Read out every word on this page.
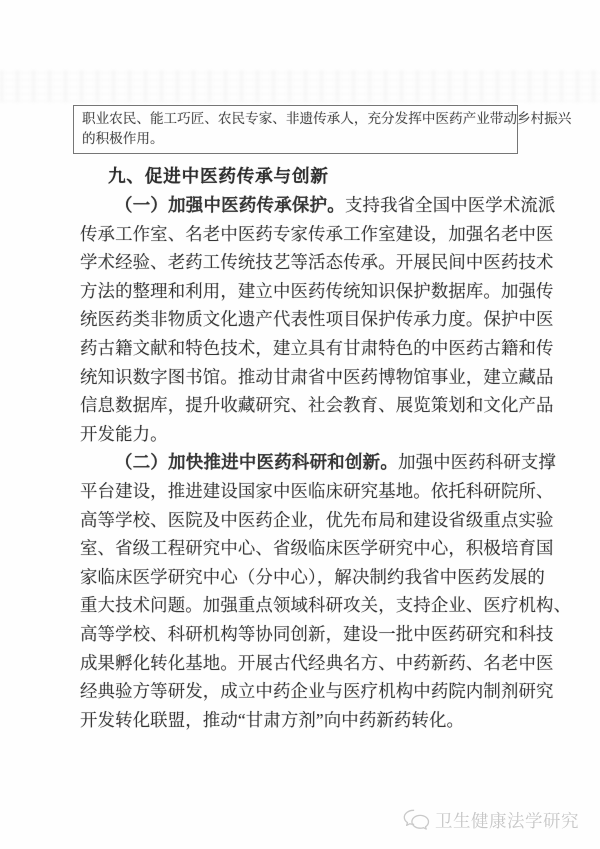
职业农民、能工巧匠、农民专家、非遗传承人，充分发挥中医药产业带动乡村振兴
的积极作用。
九、促进中医药传承与创新
（一）加强中医药传承保护。支持我省全国中医学术流派
传承工作室、名老中医药专家传承工作室建设，加强名老中医
学术经验、老药工传统技艺等活态传承。开展民间中医药技术
方法的整理和利用，建立中医药传统知识保护数据库。加强传
统医药类非物质文化遗产代表性项目保护传承力度。保护中医
药古籍文献和特色技术，建立具有甘肃特色的中医药古籍和传
统知识数字图书馆。推动甘肃省中医药博物馆事业，建立藏品
信息数据库，提升收藏研究、社会教育、展览策划和文化产品
开发能力。
（二）加快推进中医药科研和创新。加强中医药科研支撑
平台建设，推进建设国家中医临床研究基地。依托科研院所、
高等学校、医院及中医药企业，优先布局和建设省级重点实验
室、省级工程研究中心、省级临床医学研究中心，积极培育国
家临床医学研究中心（分中心），解决制约我省中医药发展的
重大技术问题。加强重点领域科研攻关，支持企业、医疗机构、
高等学校、科研机构等协同创新，建设一批中医药研究和科技
成果孵化转化基地。开展古代经典名方、中药新药、名老中医
经典验方等研发，成立中药企业与医疗机构中药院内制剂研究
开发转化联盟，推动“甘肃方剂”向中药新药转化。
卫生健康法学研究
